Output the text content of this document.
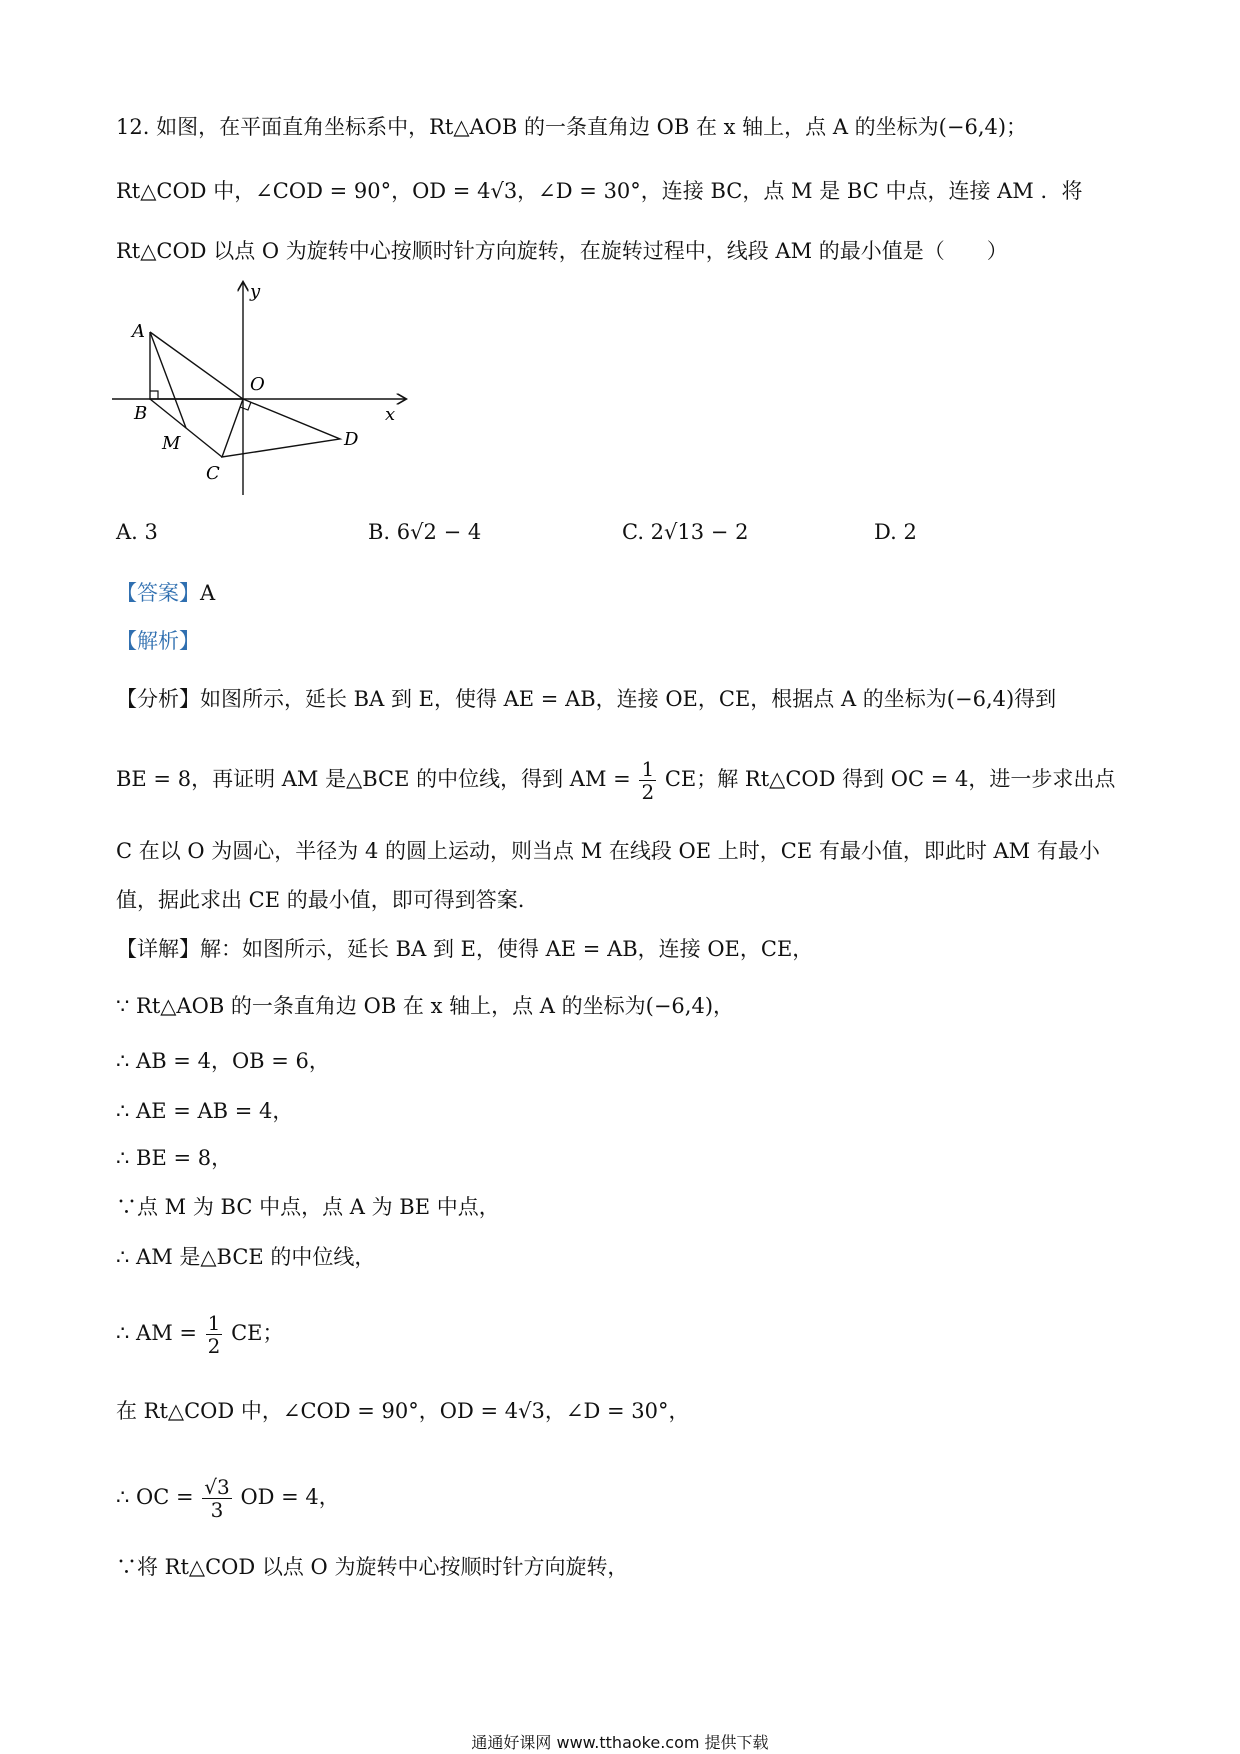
12. 如图，在平面直角坐标系中，Rt△AOB 的一条直角边 OB 在 x 轴上，点 A 的坐标为(−6,4)；
Rt△COD 中，∠COD = 90°，OD = 4√3，∠D = 30°，连接 BC，点 M 是 BC 中点，连接 AM ．将
Rt△COD 以点 O 为旋转中心按顺时针方向旋转，在旋转过程中，线段 AM 的最小值是（　　）
A
B
M
C
O
D
x
y
A. 3	B. 6√2 − 4	C. 2√13 − 2	D. 2
【答案】A
【解析】
【分析】如图所示，延长 BA 到 E，使得 AE = AB，连接 OE，CE，根据点 A 的坐标为(−6,4)得到
BE = 8，再证明 AM 是△BCE 的中位线，得到 AM = $\frac{1}{2}$ CE；解 Rt△COD 得到 OC = 4，进一步求出点
C 在以 O 为圆心，半径为 4 的圆上运动，则当点 M 在线段 OE 上时，CE 有最小值，即此时 AM 有最小
值，据此求出 CE 的最小值，即可得到答案.
【详解】解：如图所示，延长 BA 到 E，使得 AE = AB，连接 OE，CE，
∵ Rt△AOB 的一条直角边 OB 在 x 轴上，点 A 的坐标为(−6,4)，
∴ AB = 4，OB = 6，
∴ AE = AB = 4，
∴ BE = 8，
∵点 M 为 BC 中点，点 A 为 BE 中点，
∴ AM 是△BCE 的中位线，
∴ AM = $\frac{1}{2}$ CE；
在 Rt△COD 中，∠COD = 90°，OD = 4√3，∠D = 30°，
∴ OC = $\frac{√3}{3}$ OD = 4，
∵将 Rt△COD 以点 O 为旋转中心按顺时针方向旋转，
通通好课网 www.tthaoke.com 提供下载
